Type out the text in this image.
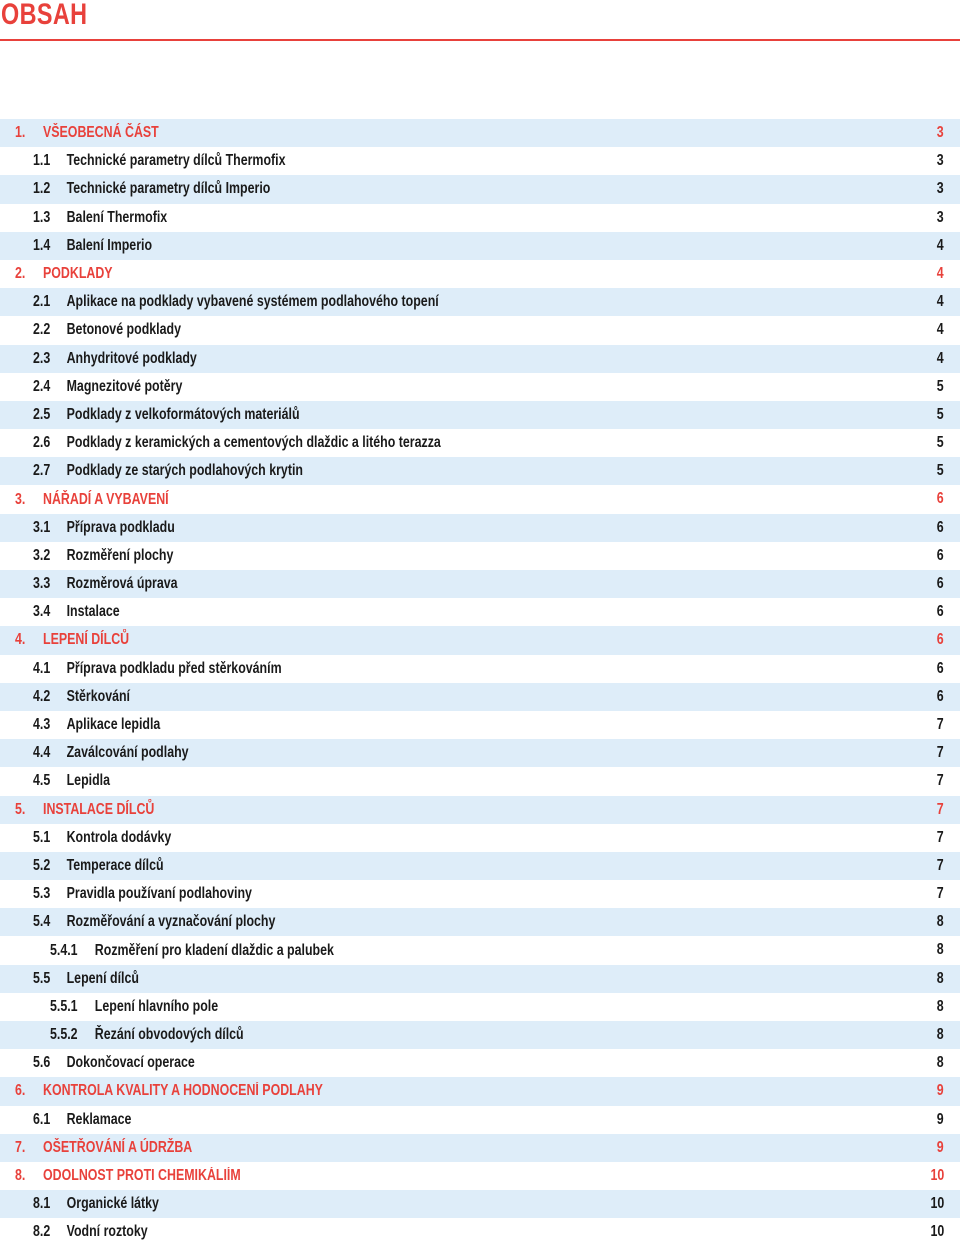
OBSAH
1.	VŠEOBECNÁ ČÁST	3
1.1	Technické parametry dílců Thermofix	3
1.2	Technické parametry dílců Imperio	3
1.3	Balení Thermofix	3
1.4	Balení Imperio	4
2.	PODKLADY	4
2.1	Aplikace na podklady vybavené systémem podlahového topení	4
2.2	Betonové podklady	4
2.3	Anhydritové podklady	4
2.4	Magnezitové potěry	5
2.5	Podklady z velkoformátových materiálů	5
2.6	Podklady z keramických a cementových dlaždic a litého terazza	5
2.7	Podklady ze starých podlahových krytin	5
3.	NÁŘADÍ A VYBAVENÍ	6
3.1	Příprava podkladu	6
3.2	Rozměření plochy	6
3.3	Rozměrová úprava	6
3.4	Instalace	6
4.	LEPENÍ DÍLCŮ	6
4.1	Příprava podkladu před stěrkováním	6
4.2	Stěrkování	6
4.3	Aplikace lepidla	7
4.4	Zaválcování podlahy	7
4.5	Lepidla	7
5.	INSTALACE DÍLCŮ	7
5.1	Kontrola dodávky	7
5.2	Temperace dílců	7
5.3	Pravidla používaní podlahoviny	7
5.4	Rozměřování a vyznačování plochy	8
5.4.1	Rozměření pro kladení dlaždic a palubek	8
5.5	Lepení dílců	8
5.5.1	Lepení hlavního pole	8
5.5.2	Řezání obvodových dílců	8
5.6	Dokončovací operace	8
6.	KONTROLA KVALITY A HODNOCENÍ PODLAHY	9
6.1	Reklamace	9
7.	OŠETŘOVÁNÍ A ÚDRŽBA	9
8.	ODOLNOST PROTI CHEMIKÁLIÍM	10
8.1	Organické látky	10
8.2	Vodní roztoky	10
